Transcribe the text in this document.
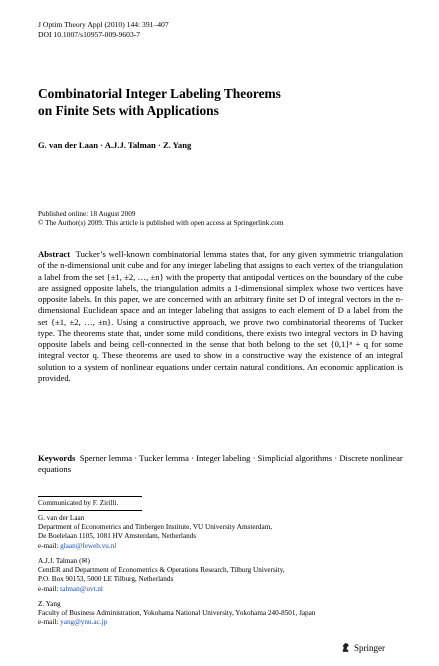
J Optim Theory Appl (2010) 144: 391–407
DOI 10.1007/s10957-009-9603-7
Combinatorial Integer Labeling Theorems
on Finite Sets with Applications
G. van der Laan · A.J.J. Talman · Z. Yang
Published online: 18 August 2009
© The Author(s) 2009. This article is published with open access at Springerlink.com
Abstract Tucker’s well-known combinatorial lemma states that, for any given symmetric triangulation of the n-dimensional unit cube and for any integer labeling that assigns to each vertex of the triangulation a label from the set {±1, ±2, …, ±n} with the property that antipodal vertices on the boundary of the cube are assigned opposite labels, the triangulation admits a 1-dimensional simplex whose two vertices have opposite labels. In this paper, we are concerned with an arbitrary finite set D of integral vectors in the n-dimensional Euclidean space and an integer labeling that assigns to each element of D a label from the set {±1, ±2, …, ±n}. Using a constructive approach, we prove two combinatorial theorems of Tucker type. The theorems state that, under some mild conditions, there exists two integral vectors in D having opposite labels and being cell-connected in the sense that both belong to the set {0,1}ⁿ + q for some integral vector q. These theorems are used to show in a constructive way the existence of an integral solution to a system of nonlinear equations under certain natural conditions. An economic application is provided.
Keywords Sperner lemma · Tucker lemma · Integer labeling · Simplicial algorithms · Discrete nonlinear equations
Communicated by F. Zirilli.
G. van der Laan
Department of Econometrics and Tinbergen Institute, VU University Amsterdam,
De Boelelaan 1105, 1081 HV Amsterdam, Netherlands
e-mail: glaan@feweb.vu.nl
A.J.J. Talman (✉)
CentER and Department of Econometrics & Operations Research, Tilburg University,
P.O. Box 90153, 5000 LE Tilburg, Netherlands
e-mail: talman@uvt.nl
Z. Yang
Faculty of Business Administration, Yokohama National University, Yokohama 240-8501, Japan
e-mail: yang@ynu.ac.jp
Springer
